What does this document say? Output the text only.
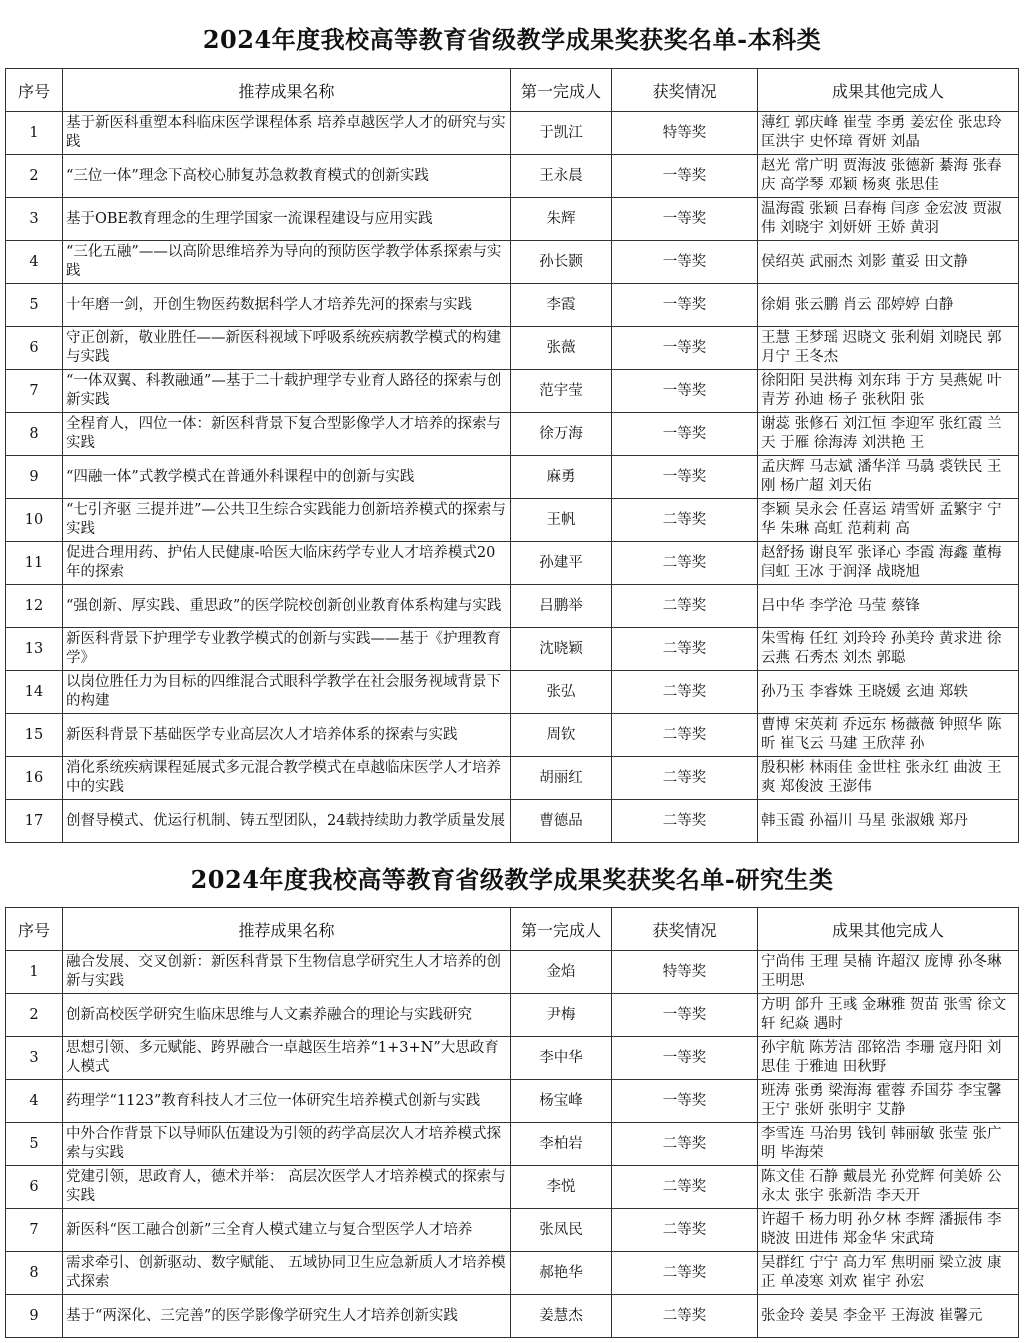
2024年度我校高等教育省级教学成果奖获奖名单-本科类
序号	推荐成果名称	第一完成人	获奖情况	成果其他完成人
1	基于新医科重塑本科临床医学课程体系 培养卓越医学人才的研究与实践	于凯江	特等奖	薄红 郭庆峰 崔莹 李勇 姜宏佺 张忠玲 匡洪宇 史怀璋 胥妍 刘晶

2	“三位一体”理念下高校心肺复苏急救教育模式的创新实践	王永晨	一等奖	赵光 常广明 贾海波 张德新 綦海 张春庆 高学琴 邓颖 杨爽 张思佳

3	基于OBE教育理念的生理学国家一流课程建设与应用实践	朱辉	一等奖	温海霞 张颖 吕春梅 闫彦 金宏波 贾淑伟 刘晓宇 刘妍妍 王娇 黄羽

4	“三化五融”——以高阶思维培养为导向的预防医学教学体系探索与实践	孙长颢	一等奖	侯绍英 武丽杰 刘影 董妥 田文静

5	十年磨一剑，开创生物医药数据科学人才培养先河的探索与实践	李霞	一等奖	徐娟 张云鹏 肖云 邵婷婷 白静

6	守正创新，敬业胜任——新医科视域下呼吸系统疾病教学模式的构建与实践	张薇	一等奖	王慧 王梦瑶 迟晓文 张利娟 刘晓民 郭月宁 王冬杰

7	“一体双翼、科教融通”—基于二十载护理学专业育人路径的探索与创新实践	范宇莹	一等奖	徐阳阳 吴洪梅 刘东玮 于方 吴燕妮 叶青芳 孙迪 杨子 张秋阳 张

8	全程育人，四位一体：新医科背景下复合型影像学人才培养的探索与实践	徐万海	一等奖	谢蕊 张修石 刘江恒 李迎军 张红霞 兰天 于雁 徐海涛 刘洪艳 王

9	“四融一体”式教学模式在普通外科课程中的创新与实践	麻勇	一等奖	孟庆辉 马志斌 潘华洋 马骉 裘铁民 王刚 杨广超 刘天佑

10	“七引齐驱 三提并进”—公共卫生综合实践能力创新培养模式的探索与实践	王帆	二等奖	李颖 吴永会 任喜运 靖雪妍 孟繁宇 宁华 朱琳 高虹 范莉莉 高

11	促进合理用药、护佑人民健康-哈医大临床药学专业人才培养模式20年的探索	孙建平	二等奖	赵舒扬 谢良军 张译心 李霞 海鑫 董梅 闫虹 王冰 于润泽 战晓旭

12	“强创新、厚实践、重思政”的医学院校创新创业教育体系构建与实践	吕鹏举	二等奖	吕中华 李学沧 马莹 蔡锋

13	新医科背景下护理学专业教学模式的创新与实践——基于《护理教育学》	沈晓颖	二等奖	朱雪梅 任红 刘玲玲 孙美玲 黄求进 徐云燕 石秀杰 刘杰 郭聪

14	以岗位胜任力为目标的四维混合式眼科学教学在社会服务视域背景下的构建	张弘	二等奖	孙乃玉 李睿姝 王晓媛 玄迪 郑轶

15	新医科背景下基础医学专业高层次人才培养体系的探索与实践	周钦	二等奖	曹博 宋英莉 乔远东 杨薇薇 钟照华 陈昕 崔飞云 马建 王欣萍 孙

16	消化系统疾病课程延展式多元混合教学模式在卓越临床医学人才培养中的实践	胡丽红	二等奖	殷积彬 林雨佳 金世柱 张永红 曲波 王爽 郑俊波 王澎伟

17	创督导模式、优运行机制、铸五型团队，24载持续助力教学质量发展	曹德品	二等奖	韩玉霞 孙福川 马星 张淑娥 郑丹
2024年度我校高等教育省级教学成果奖获奖名单-研究生类
序号	推荐成果名称	第一完成人	获奖情况	成果其他完成人
1	融合发展、交叉创新：新医科背景下生物信息学研究生人才培养的创新与实践	金焰	特等奖	宁尚伟 王理 吴楠 许超汉 庞博 孙冬琳 王明思

2	创新高校医学研究生临床思维与人文素养融合的理论与实践研究	尹梅	一等奖	方明 郃升 王彧 金琳雅 贺苗 张雪 徐文轩 纪焱 遇时

3	思想引领、多元赋能、跨界融合一卓越医生培养“1+3+N”大思政育人模式	李中华	一等奖	孙宇航 陈芳洁 邵铭浩 李珊 寇丹阳 刘思佳 于雅迪 田秋野

4	药理学“1123”教育科技人才三位一体研究生培养模式创新与实践	杨宝峰	一等奖	班涛 张勇 梁海海 霍蓉 乔国芬 李宝馨 王宁 张妍 张明宇 艾静

5	中外合作背景下以导师队伍建设为引领的药学高层次人才培养模式探索与实践	李柏岩	二等奖	李雪连 马治男 钱钊 韩丽敏 张莹 张广明 毕海荣

6	党建引领，思政育人，德术并举： 高层次医学人才培养模式的探索与实践	李悦	二等奖	陈文佳 石静 戴晨光 孙党辉 何美娇 公永太 张宇 张新浩 李天开

7	新医科“医工融合创新”三全育人模式建立与复合型医学人才培养	张凤民	二等奖	许超千 杨力明 孙夕林 李辉 潘振伟 李晓波 田进伟 郑金华 宋武琦

8	需求牵引、创新驱动、数字赋能、 五域协同卫生应急新质人才培养模式探索	郝艳华	二等奖	吴群红 宁宁 高力军 焦明丽 梁立波 康正 单凌寒 刘欢 崔宇 孙宏

9	基于“两深化、三完善”的医学影像学研究生人才培养创新实践	姜慧杰	二等奖	张金玲 姜昊 李金平 王海波 崔馨元
